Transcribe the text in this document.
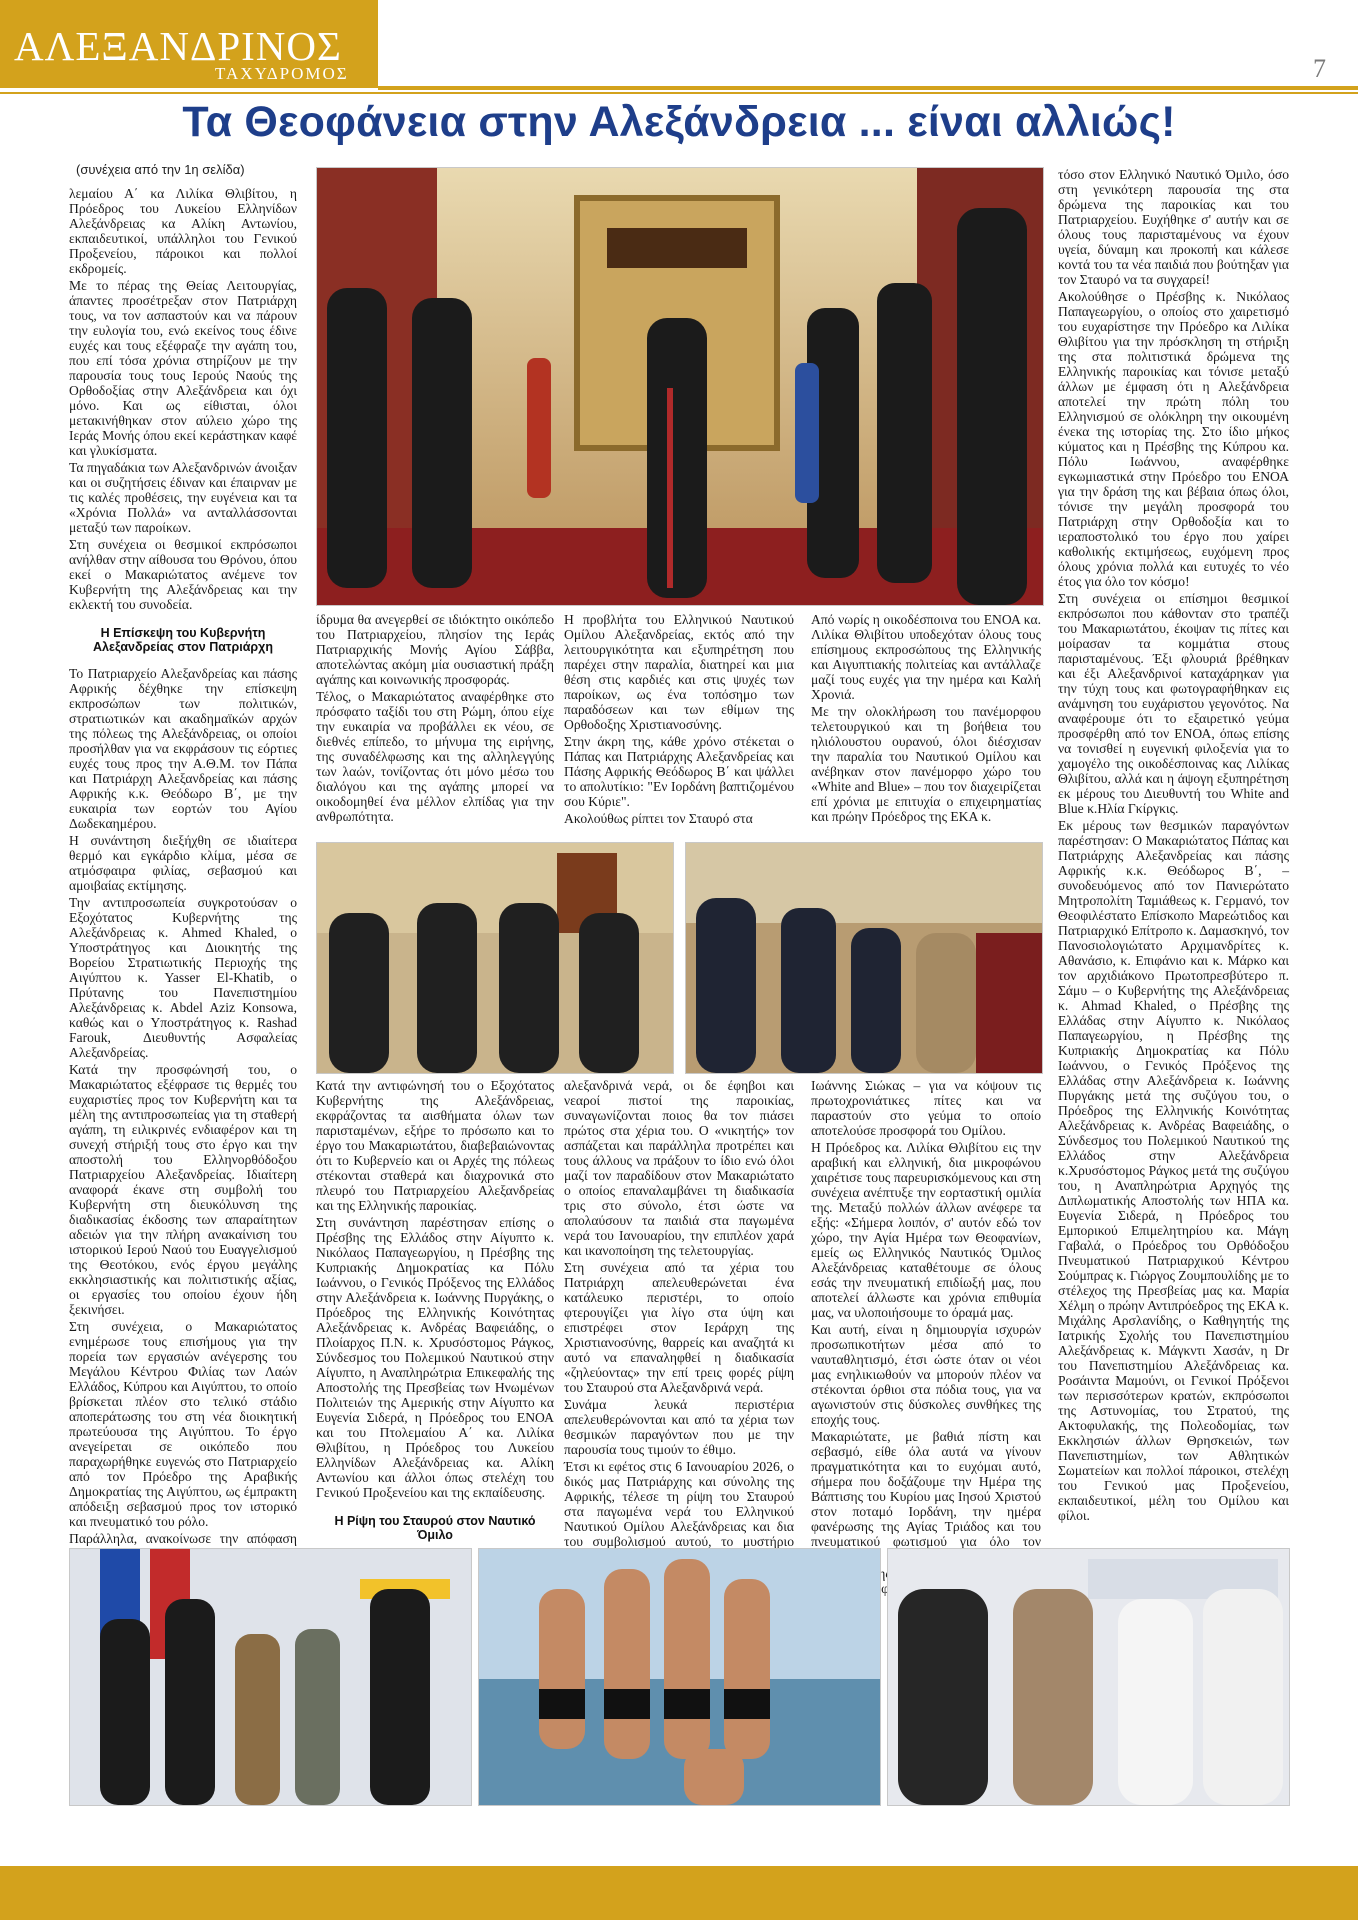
ΑΛΕΞΑΝΔΡΙΝΟΣ
ΤΑΧΥΔΡΟΜΟΣ	7
Τα Θεοφάνεια στην Αλεξάνδρεια ... είναι αλλιώς!
(συνέχεια από την 1η σελίδα)

λεμαίου Α΄ κα Λιλίκα Θλιβίτου, η Πρόεδρος του Λυκείου Ελληνίδων Αλεξάνδρειας κα Αλίκη Αντωνίου, εκπαιδευτικοί, υπάλληλοι του Γενικού Προξενείου, πάροικοι και πολλοί εκδρομείς.

Με το πέρας της Θείας Λειτουργίας, άπαντες προσέτρεξαν στον Πατριάρχη τους, να τον ασπαστούν και να πάρουν την ευλογία του, ενώ εκείνος τους έδινε ευχές και τους εξέφραζε την αγάπη του, που επί τόσα χρόνια στηρίζουν με την παρουσία τους τους Ιερούς Ναούς της Ορθοδοξίας στην Αλεξάνδρεια και όχι μόνο. Και ως είθισται, όλοι μετακινήθηκαν στον αύλειο χώρο της Ιεράς Μονής όπου εκεί κεράστηκαν καφέ και γλυκίσματα.

Τα πηγαδάκια των Αλεξανδρινών άνοιξαν και οι συζητήσεις έδιναν και έπαιρναν με τις καλές προθέσεις, την ευγένεια και τα «Χρόνια Πολλά» να ανταλλάσσονται μεταξύ των παροίκων.

Στη συνέχεια οι θεσμικοί εκπρόσωποι ανήλθαν στην αίθουσα του Θρόνου, όπου εκεί ο Μακαριώτατος ανέμενε τον Κυβερνήτη της Αλεξάνδρειας και την εκλεκτή του συνοδεία.

Η Επίσκεψη του Κυβερνήτη Αλεξανδρείας στον Πατριάρχη

Το Πατριαρχείο Αλεξανδρείας και πάσης Αφρικής δέχθηκε την επίσκεψη εκπροσώπων των πολιτικών, στρατιωτικών και ακαδημαϊκών αρχών της πόλεως της Αλεξάνδρειας, οι οποίοι προσήλθαν για να εκφράσουν τις εόρτιες ευχές τους προς την Α.Θ.Μ. τον Πάπα και Πατριάρχη Αλεξανδρείας και πάσης Αφρικής κ.κ. Θεόδωρο Β΄, με την ευκαιρία των εορτών του Αγίου Δωδεκαημέρου.

Η συνάντηση διεξήχθη σε ιδιαίτερα θερμό και εγκάρδιο κλίμα, μέσα σε ατμόσφαιρα φιλίας, σεβασμού και αμοιβαίας εκτίμησης.

Την αντιπροσωπεία συγκροτούσαν ο Εξοχότατος Κυβερνήτης της Αλεξάνδρειας κ. Ahmed Khaled, ο Υποστράτηγος και Διοικητής της Βορείου Στρατιωτικής Περιοχής της Αιγύπτου κ. Yasser El-Khatib, ο Πρύτανης του Πανεπιστημίου Αλεξάνδρειας κ. Abdel Aziz Konsowa, καθώς και ο Υποστράτηγος κ. Rashad Farouk, Διευθυντής Ασφαλείας Αλεξανδρείας.

Κατά την προσφώνησή του, ο Μακαριώτατος εξέφρασε τις θερμές του ευχαριστίες προς τον Κυβερνήτη και τα μέλη της αντιπροσωπείας για τη σταθερή αγάπη, τη ειλικρινές ενδιαφέρον και τη συνεχή στήριξή τους στο έργο και την αποστολή του Ελληνορθόδοξου Πατριαρχείου Αλεξανδρείας. Ιδιαίτερη αναφορά έκανε στη συμβολή του Κυβερνήτη στη διευκόλυνση της διαδικασίας έκδοσης των απαραίτητων αδειών για την πλήρη ανακαίνιση του ιστορικού Ιερού Ναού του Ευαγγελισμού της Θεοτόκου, ενός έργου μεγάλης εκκλησιαστικής και πολιτιστικής αξίας, οι εργασίες του οποίου έχουν ήδη ξεκινήσει.

Στη συνέχεια, ο Μακαριώτατος ενημέρωσε τους επισήμους για την πορεία των εργασιών ανέγερσης του Μεγάλου Κέντρου Φιλίας των Λαών Ελλάδος, Κύπρου και Αιγύπτου, το οποίο βρίσκεται πλέον στο τελικό στάδιο αποπεράτωσης του στη νέα διοικητική πρωτεύουσα της Αιγύπτου. Το έργο ανεγείρεται σε οικόπεδο που παραχωρήθηκε ευγενώς στο Πατριαρχείο από τον Πρόεδρο της Αραβικής Δημοκρατίας της Αιγύπτου, ως έμπρακτη απόδειξη σεβασμού προς τον ιστορικό και πνευματικό του ρόλο.

Παράλληλα, ανακοίνωσε την απόφαση

ίδρυμα θα ανεγερθεί σε ιδιόκτητο οικόπεδο του Πατριαρχείου, πλησίον της Ιεράς Πατριαρχικής Μονής Αγίου Σάββα, αποτελώντας ακόμη μία ουσιαστική πράξη αγάπης και κοινωνικής προσφοράς.

Τέλος, ο Μακαριώτατος αναφέρθηκε στο πρόσφατο ταξίδι του στη Ρώμη, όπου είχε την ευκαιρία να προβάλλει εκ νέου, σε διεθνές επίπεδο, το μήνυμα της ειρήνης, της συναδέλφωσης και της αλληλεγγύης των λαών, τονίζοντας ότι μόνο μέσω του διαλόγου και της αγάπης μπορεί να οικοδομηθεί ένα μέλλον ελπίδας για την ανθρωπότητα.

Η προβλήτα του Ελληνικού Ναυτικού Ομίλου Αλεξανδρείας, εκτός από την λειτουργικότητα και εξυπηρέτηση που παρέχει στην παραλία, διατηρεί και μια θέση στις καρδιές και στις ψυχές των παροίκων, ως ένα τοπόσημο των παραδόσεων και των εθίμων της Ορθοδοξης Χριστιανοσύνης.

Στην άκρη της, κάθε χρόνο στέκεται ο Πάπας και Πατριάρχης Αλεξανδρείας και Πάσης Αφρικής Θεόδωρος Β΄ και ψάλλει το απολυτίκιο: "Εν Ιορδάνη βαπτιζομένου σου Κύριε".

Ακολούθως ρίπτει τον Σταυρό στα

Από νωρίς η οικοδέσποινα του ΕΝΟΑ κα. Λιλίκα Θλιβίτου υποδεχόταν όλους τους επίσημους εκπροσώπους της Ελληνικής και Αιγυπτιακής πολιτείας και αντάλλαζε μαζί τους ευχές για την ημέρα και Καλή Χρονιά.

Με την ολοκλήρωση του πανέμορφου τελετουργικού και τη βοήθεια του ηλιόλουστου ουρανού, όλοι διέσχισαν την παραλία του Ναυτικού Ομίλου και ανέβηκαν στον πανέμορφο χώρο του «White and Blue» – που τον διαχειρίζεται επί χρόνια με επιτυχία ο επιχειρηματίας και πρώην Πρόεδρος της ΕΚΑ κ.

τόσο στον Ελληνικό Ναυτικό Όμιλο, όσο στη γενικότερη παρουσία της στα δρώμενα της παροικίας και του Πατριαρχείου. Ευχήθηκε σ' αυτήν και σε όλους τους παρισταμένους να έχουν υγεία, δύναμη και προκοπή και κάλεσε κοντά του τα νέα παιδιά που βούτηξαν για τον Σταυρό να τα συγχαρεί!

Ακολούθησε ο Πρέσβης κ. Νικόλαος Παπαγεωργίου, ο οποίος στο χαιρετισμό του ευχαρίστησε την Πρόεδρο κα Λιλίκα Θλιβίτου για την πρόσκληση τη στήριξη της στα πολιτιστικά δρώμενα της Ελληνικής παροικίας και τόνισε μεταξύ άλλων με έμφαση ότι η Αλεξάνδρεια αποτελεί την πρώτη πόλη του Ελληνισμού σε ολόκληρη την οικουμένη ένεκα της ιστορίας της. Στο ίδιο μήκος κύματος και η Πρέσβης της Κύπρου κα. Πόλυ Ιωάννου, αναφέρθηκε εγκωμιαστικά στην Πρόεδρο του ΕΝΟΑ για την δράση της και βέβαια όπως όλοι, τόνισε την μεγάλη προσφορά του Πατριάρχη στην Ορθοδοξία και το ιεραποστολικό του έργο που χαίρει καθολικής εκτιμήσεως, ευχόμενη προς όλους χρόνια πολλά και ευτυχές το νέο έτος για όλο τον κόσμο!

Στη συνέχεια οι επίσημοι θεσμικοί εκπρόσωποι που κάθονταν στο τραπέζι του Μακαριωτάτου, έκοψαν τις πίτες και μοίρασαν τα κομμάτια στους παρισταμένους. Έξι φλουριά βρέθηκαν και έξι Αλεξανδρινοί καταχάρηκαν για την τύχη τους και φωτογραφήθηκαν εις ανάμνηση του ευχάριστου γεγονότος. Να αναφέρουμε ότι το εξαιρετικό γεύμα προσφέρθη από τον ΕΝΟΑ, όπως επίσης να τονισθεί η ευγενική φιλοξενία για το χαμογέλο της οικοδέσποινας κας Λιλίκας Θλιβίτου, αλλά και η άψογη εξυπηρέτηση εκ μέρους του Διευθυντή του White and Blue κ.Ηλία Γκίργκις.

Εκ μέρους των θεσμικών παραγόντων παρέστησαν: Ο Μακαριώτατος Πάπας και Πατριάρχης Αλεξανδρείας και πάσης Αφρικής κ.κ. Θεόδωρος Β΄, – συνοδευόμενος από τον Πανιερώτατο Μητροπολίτη Ταμιάθεως κ. Γερμανό, τον Θεοφιλέστατο Επίσκοπο Μαρεώτιδος και Πατριαρχικό Επίτροπο κ. Δαμασκηνό, τον Πανοσιολογιώτατο Αρχιμανδρίτες κ. Αθανάσιο, κ. Επιφάνιο και κ. Μάρκο και τον αρχιδιάκονο Πρωτοπρεσβύτερο π. Σάμυ – ο Κυβερνήτης της Αλεξάνδρειας κ. Ahmad Khaled, ο Πρέσβης της Ελλάδας στην Αίγυπτο κ. Νικόλαος Παπαγεωργίου, η Πρέσβης της Κυπριακής Δημοκρατίας κα Πόλυ Ιωάννου, ο Γενικός Πρόξενος της Ελλάδας στην Αλεξάνδρεια κ. Ιωάννης Πυργάκης μετά της συζύγου του, ο Πρόεδρος της Ελληνικής Κοινότητας Αλεξάνδρειας κ. Ανδρέας Βαφειάδης, ο Σύνδεσμος του Πολεμικού Ναυτικού της Ελλάδος στην Αλεξάνδρεια κ.Χρυσόστομος Ράγκος μετά της συζύγου του, η Αναπληρώτρια Αρχηγός της Διπλωματικής Αποστολής των ΗΠΑ κα. Ευγενία Σιδερά, η Πρόεδρος του Εμπορικού Επιμελητηρίου κα. Μάγη Γαβαλά, ο Πρόεδρος του Ορθόδοξου Πνευματικού Πατριαρχικού Κέντρου Σούμπρας κ. Γιώργος Ζουμπουλίδης με το στέλεχος της Πρεσβείας μας κα. Μαρία Χέλμη ο πρώην Αντιπρόεδρος της ΕΚΑ κ. Μιχάλης Αρσλανίδης, ο Καθηγητής της Ιατρικής Σχολής του Πανεπιστημίου Αλεξάνδρειας κ. Μάγκντι Χασάν, η Dr του Πανεπιστημίου Αλεξάνδρειας κα. Ροσάιντα Μαμούνι, οι Γενικοί Πρόξενοι των περισσότερων κρατών, εκπρόσωποι της Αστυνομίας, του Στρατού, της Ακτοφυλακής, της Πολεοδομίας, των Εκκλησιών άλλων Θρησκειών, των Πανεπιστημίων, των Αθλητικών Σωματείων και πολλοί πάροικοι, στελέχη του Γενικού μας Προξενείου, εκπαιδευτικοί, μέλη του Ομίλου και φίλοι.

Κατά την αντιφώνησή του ο Εξοχότατος Κυβερνήτης της Αλεξάνδρειας, εκφράζοντας τα αισθήματα όλων των παρισταμένων, εξήρε το πρόσωπο και το έργο του Μακαριωτάτου, διαβεβαιώνοντας ότι το Κυβερνείο και οι Αρχές της πόλεως στέκονται σταθερά και διαχρονικά στο πλευρό του Πατριαρχείου Αλεξανδρείας και της Ελληνικής παροικίας.

Στη συνάντηση παρέστησαν επίσης ο Πρέσβης της Ελλάδος στην Αίγυπτο κ. Νικόλαος Παπαγεωργίου, η Πρέσβης της Κυπριακής Δημοκρατίας κα Πόλυ Ιωάννου, ο Γενικός Πρόξενος της Ελλάδος στην Αλεξάνδρεια κ. Ιωάννης Πυργάκης, ο Πρόεδρος της Ελληνικής Κοινότητας Αλεξάνδρειας κ. Ανδρέας Βαφειάδης, ο Πλοίαρχος Π.Ν. κ. Χρυσόστομος Ράγκος, Σύνδεσμος του Πολεμικού Ναυτικού στην Αίγυπτο, η Αναπληρώτρια Επικεφαλής της Αποστολής της Πρεσβείας των Ηνωμένων Πολιτειών της Αμερικής στην Αίγυπτο κα Ευγενία Σιδερά, η Πρόεδρος του ΕΝΟΑ και του Πτολεμαίου Α΄ κα. Λιλίκα Θλιβίτου, η Πρόεδρος του Λυκείου Ελληνίδων Αλεξάνδρειας κα. Αλίκη Αντωνίου και άλλοι όπως στελέχη του Γενικού Προξενείου και της εκπαίδευσης.

Η Ρίψη του Σταυρού στον Ναυτικό Όμιλο

αλεξανδρινά νερά, οι δε έφηβοι και νεαροί πιστοί της παροικίας, συναγωνίζονται ποιος θα τον πιάσει πρώτος στα χέρια του. Ο «νικητής» τον ασπάζεται και παράλληλα προτρέπει και τους άλλους να πράξουν το ίδιο ενώ όλοι μαζί τον παραδίδουν στον Μακαριώτατο ο οποίος επαναλαμβάνει τη διαδικασία τρις στο σύνολο, έτσι ώστε να απολαύσουν τα παιδιά στα παγωμένα νερά του Ιανουαρίου, την επιπλέον χαρά και ικανοποίηση της τελετουργίας.

Στη συνέχεια από τα χέρια του Πατριάρχη απελευθερώνεται ένα κατάλευκο περιστέρι, το οποίο φτερουγίζει για λίγο στα ύψη και επιστρέφει στον Ιεράρχη της Χριστιανοσύνης, θαρρείς και αναζητά κι αυτό να επαναληφθεί η διαδικασία «ζηλεύοντας» την επί τρεις φορές ρίψη του Σταυρού στα Αλεξανδρινά νερά.

Συνάμα λευκά περιστέρια απελευθερώνονται και από τα χέρια των θεσμικών παραγόντων που με την παρουσία τους τιμούν το έθιμο.

Έτσι κι εφέτος στις 6 Ιανουαρίου 2026, ο δικός μας Πατριάρχης και σύνολης της Αφρικής, τέλεσε τη ρίψη του Σταυρού στα παγωμένα νερά του Ελληνικού Ναυτικού Ομίλου Αλεξάνδρειας και δια του συμβολισμού αυτού, το μυστήριο

Ιωάννης Σιώκας – για να κόψουν τις πρωτοχρονιάτικες πίτες και να παραστούν στο γεύμα το οποίο αποτελούσε προσφορά του Ομίλου.

Η Πρόεδρος κα. Λιλίκα Θλιβίτου εις την αραβική και ελληνική, δια μικροφώνου χαιρέτισε τους παρευρισκόμενους και στη συνέχεια ανέπτυξε την εορταστική ομιλία της. Μεταξύ πολλών άλλων ανέφερε τα εξής: «Σήμερα λοιπόν, σ' αυτόν εδώ τον χώρο, την Αγία Ημέρα των Θεοφανίων, εμείς ως Ελληνικός Ναυτικός Όμιλος Αλεξάνδρειας καταθέτουμε σε όλους εσάς την πνευματική επιδίωξή μας, που αποτελεί άλλωστε και χρόνια επιθυμία μας, να υλοποιήσουμε το όραμά μας.

Και αυτή, είναι η δημιουργία ισχυρών προσωπικοτήτων μέσα από το ναυταθλητισμό, έτσι ώστε όταν οι νέοι μας ενηλικιωθούν να μπορούν πλέον να στέκονται όρθιοι στα πόδια τους, για να αγωνιστούν στις δύσκολες συνθήκες της εποχής τους.

Μακαριώτατε, με βαθιά πίστη και σεβασμό, είθε όλα αυτά να γίνουν πραγματικότητα και το ευχόμαι αυτό, σήμερα που δοξάζουμε την Ημέρα της Βάπτισης του Κυρίου μας Ιησού Χριστού στον ποταμό Ιορδάνη, την ημέρα φανέρωσης της Αγίας Τριάδος και του πνευματικού φωτισμού για όλο τον

προσφορά
